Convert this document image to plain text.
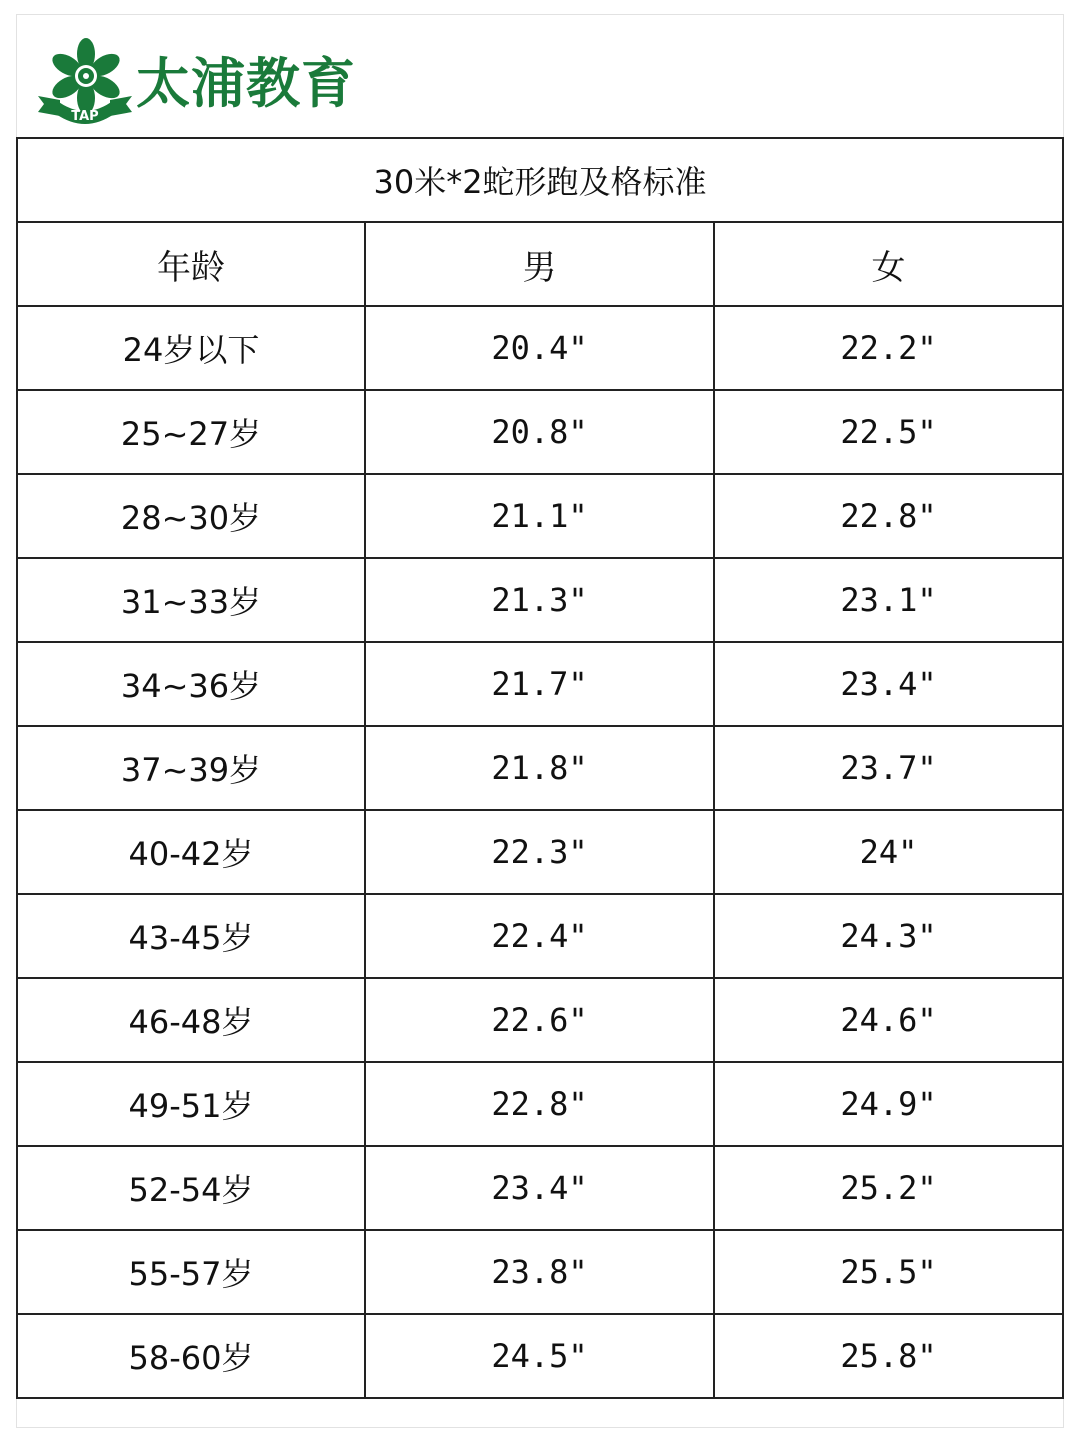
TAP
太浦教育
30米*2蛇形跑及格标准		
年龄	男	女
24岁以下	20.4"	22.2"
25~27岁	20.8"	22.5"
28~30岁	21.1"	22.8"
31~33岁	21.3"	23.1"
34~36岁	21.7"	23.4"
37~39岁	21.8"	23.7"
40-42岁	22.3"	24"
43-45岁	22.4"	24.3"
46-48岁	22.6"	24.6"
49-51岁	22.8"	24.9"
52-54岁	23.4"	25.2"
55-57岁	23.8"	25.5"
58-60岁	24.5"	25.8"
